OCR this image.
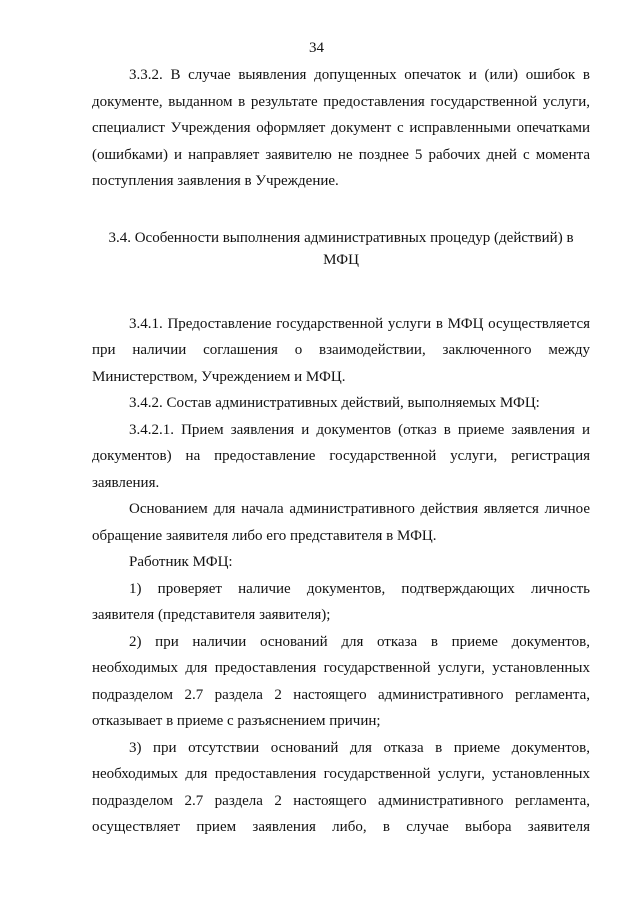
34

3.3.2. В случае выявления допущенных опечаток и (или) ошибок в документе, выданном в результате предоставления государственной услуги, специалист Учреждения оформляет документ с исправленными опечатками (ошибками) и направляет заявителю не позднее 5 рабочих дней с момента поступления заявления в Учреждение.

3.4. Особенности выполнения административных процедур (действий) в МФЦ

3.4.1. Предоставление государственной услуги в МФЦ осуществляется при наличии соглашения о взаимодействии, заключенного между Министерством, Учреждением и МФЦ.

3.4.2. Состав административных действий, выполняемых МФЦ:

3.4.2.1. Прием заявления и документов (отказ в приеме заявления и документов) на предоставление государственной услуги, регистрация заявления.

Основанием для начала административного действия является личное обращение заявителя либо его представителя в МФЦ.

Работник МФЦ:

1) проверяет наличие документов, подтверждающих личность заявителя (представителя заявителя);

2) при наличии оснований для отказа в приеме документов, необходимых для предоставления государственной услуги, установленных подразделом 2.7 раздела 2 настоящего административного регламента, отказывает в приеме с разъяснением причин;

3) при отсутствии оснований для отказа в приеме документов, необходимых для предоставления государственной услуги, установленных подразделом 2.7 раздела 2 настоящего административного регламента, осуществляет прием заявления либо, в случае выбора заявителя
